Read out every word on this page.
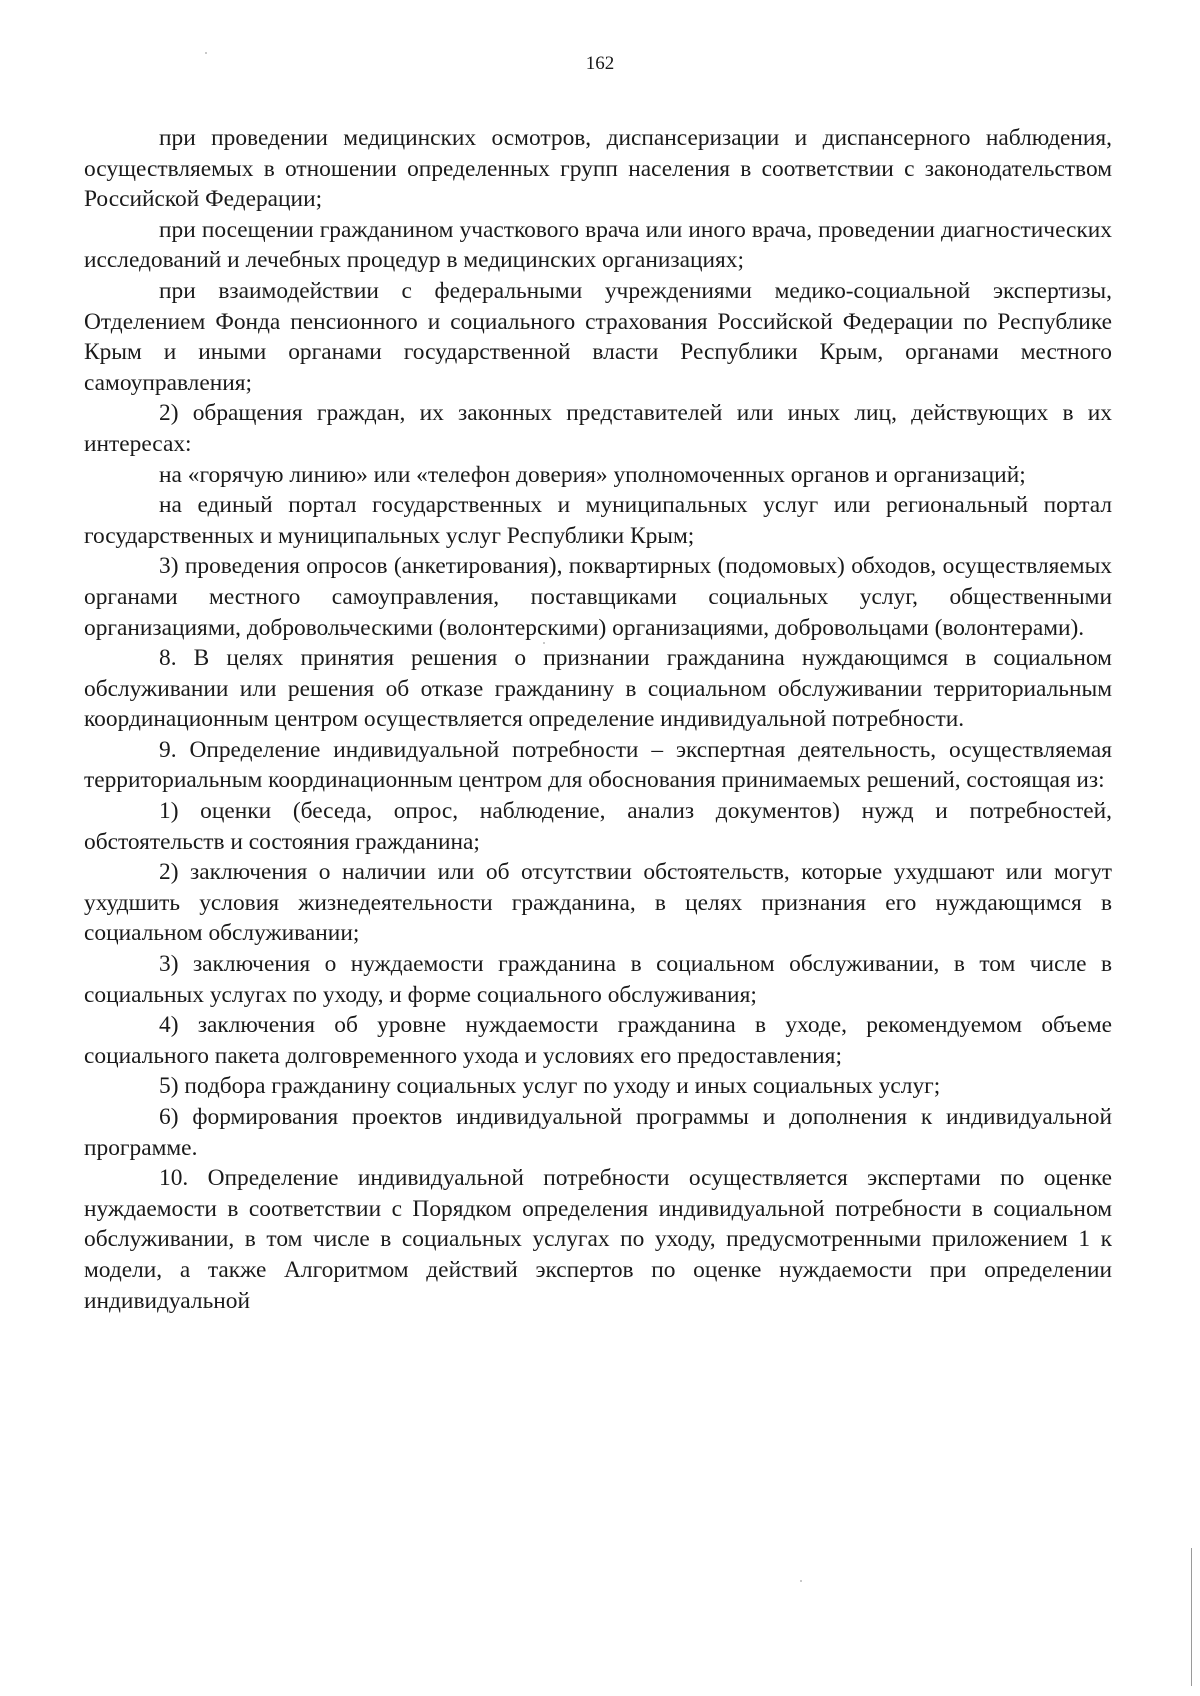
162

при проведении медицинских осмотров, диспансеризации и диспансерного наблюдения, осуществляемых в отношении определенных групп населения в соответствии с законодательством Российской Федерации;

при посещении гражданином участкового врача или иного врача, проведении диагностических исследований и лечебных процедур в медицинских организациях;

при взаимодействии с федеральными учреждениями медико-социальной экспертизы, Отделением Фонда пенсионного и социального страхования Российской Федерации по Республике Крым и иными органами государственной власти Республики Крым, органами местного самоуправления;

2) обращения граждан, их законных представителей или иных лиц, действующих в их интересах:

на «горячую линию» или «телефон доверия» уполномоченных органов и организаций;

на единый портал государственных и муниципальных услуг или региональный портал государственных и муниципальных услуг Республики Крым;

3) проведения опросов (анкетирования), поквартирных (подомовых) обходов, осуществляемых органами местного самоуправления, поставщиками социальных услуг, общественными организациями, добровольческими (волонтерскими) организациями, добровольцами (волонтерами).

8. В целях принятия решения о признании гражданина нуждающимся в социальном обслуживании или решения об отказе гражданину в социальном обслуживании территориальным координационным центром осуществляется определение индивидуальной потребности.

9. Определение индивидуальной потребности – экспертная деятельность, осуществляемая территориальным координационным центром для обоснования принимаемых решений, состоящая из:

1) оценки (беседа, опрос, наблюдение, анализ документов) нужд и потребностей, обстоятельств и состояния гражданина;

2) заключения о наличии или об отсутствии обстоятельств, которые ухудшают или могут ухудшить условия жизнедеятельности гражданина, в целях признания его нуждающимся в социальном обслуживании;

3) заключения о нуждаемости гражданина в социальном обслуживании, в том числе в социальных услугах по уходу, и форме социального обслуживания;

4) заключения об уровне нуждаемости гражданина в уходе, рекомендуемом объеме социального пакета долговременного ухода и условиях его предоставления;

5) подбора гражданину социальных услуг по уходу и иных социальных услуг;

6) формирования проектов индивидуальной программы и дополнения к индивидуальной программе.

10. Определение индивидуальной потребности осуществляется экспертами по оценке нуждаемости в соответствии с Порядком определения индивидуальной потребности в социальном обслуживании, в том числе в социальных услугах по уходу, предусмотренными приложением 1 к модели, а также Алгоритмом действий экспертов по оценке нуждаемости при определении индивидуальной
